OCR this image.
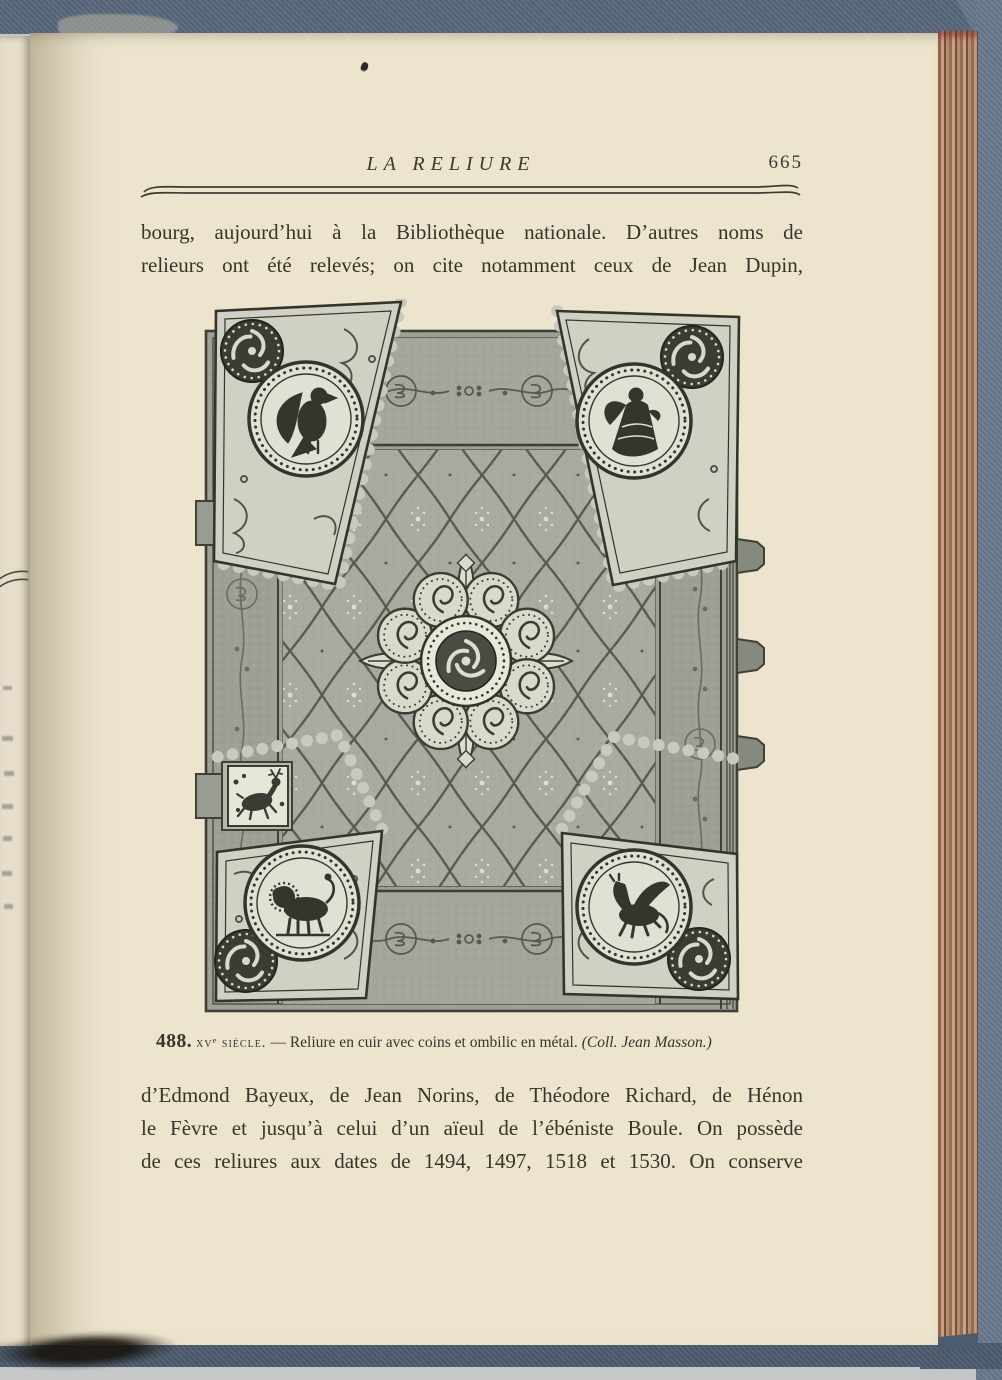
LA RELIURE	665
bourg, aujourd’hui à la Bibliothèque nationale. D’autres noms de
relieurs ont été relevés; on cite notamment ceux de Jean Dupin,
488. xvᵉ siècle. — Reliure en cuir avec coins et ombilic en métal. (Coll. Jean Masson.)
d’Edmond Bayeux, de Jean Norins, de Théodore Richard, de Hénon
le Fèvre et jusqu’à celui d’un aïeul de l’ébéniste Boule. On possède
de ces reliures aux dates de 1494, 1497, 1518 et 1530. On conserve
